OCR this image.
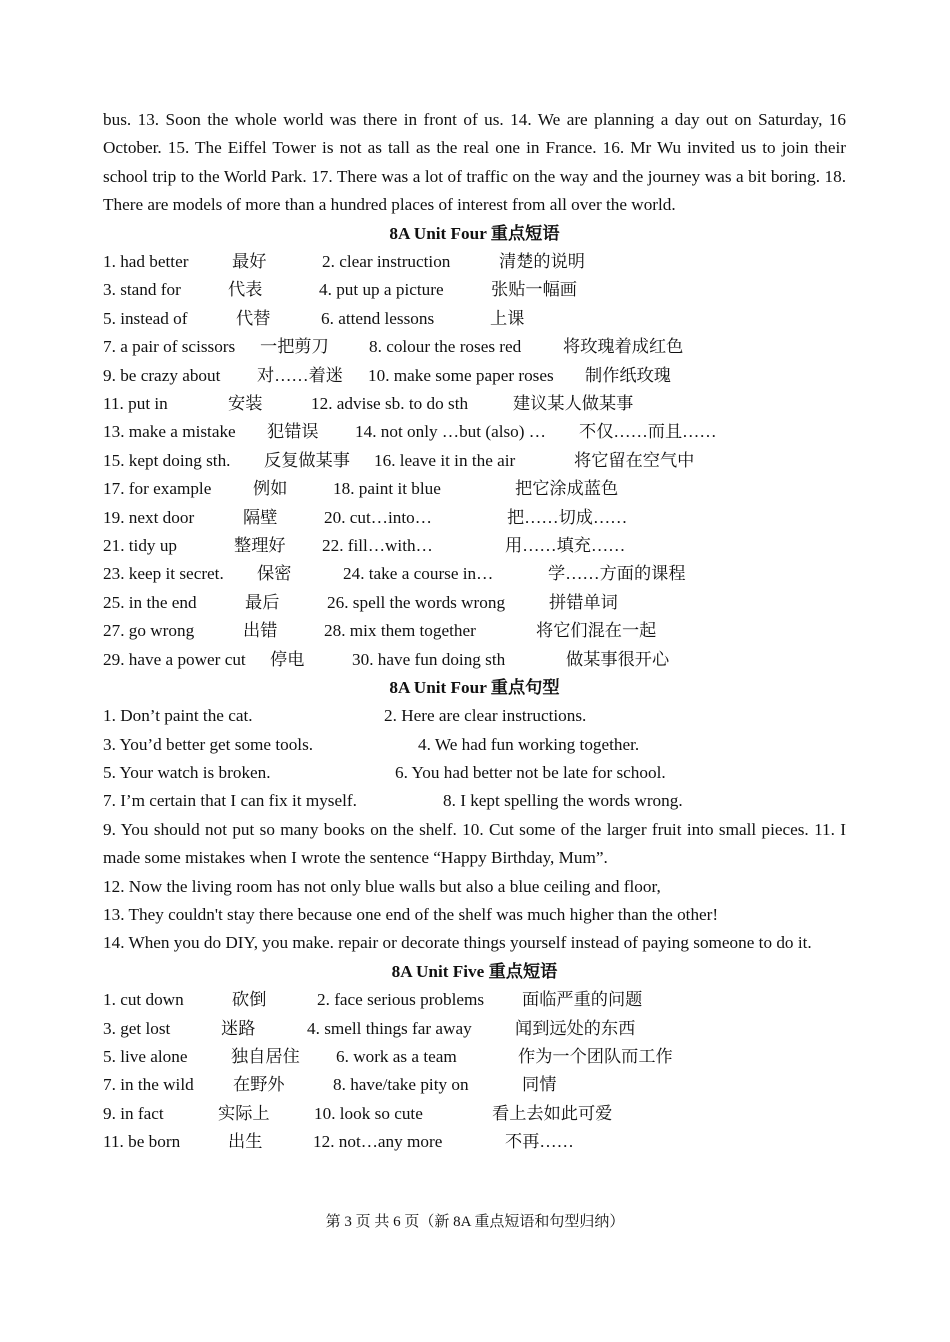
bus. 13. Soon the whole world was there in front of us. 14. We are planning a day out on Saturday, 16 October. 15. The Eiffel Tower is not as tall as the real one in France. 16. Mr Wu invited us to join their school trip to the World Park. 17. There was a lot of traffic on the way and the journey was a bit boring. 18. There are models of more than a hundred places of interest from all over the world.

8A Unit Four 重点短语

1. had better	最好	2. clear instruction	清楚的说明
3. stand for	代表	4. put up a picture	张贴一幅画
5. instead of	代替	6. attend lessons	上课
7. a pair of scissors 一把剪刀 8. colour the roses red 将玫瑰着成红色
9. be crazy about 对……着迷 10. make some paper roses 制作纸玫瑰
11. put in	安装	12. advise sb. to do sth	建议某人做某事
13. make a mistake 犯错误 14. not only …but (also) … 不仅……而且……
15. kept doing sth. 反复做某事 16. leave it in the air	将它留在空气中
17. for example 例如	18. paint it blue	把它涂成蓝色
19. next door	隔壁	20. cut…into…	把……切成……
21. tidy up	整理好 22. fill…with…	用……填充……
23. keep it secret. 保密	24. take a course in…	学……方面的课程
25. in the end	最后	26. spell the words wrong	拼错单词
27. go wrong	出错	28. mix them together	将它们混在一起
29. have a power cut 停电	30. have fun doing sth	做某事很开心

8A Unit Four 重点句型

1. Don’t paint the cat.	2. Here are clear instructions.
3. You’d better get some tools.	4. We had fun working together.
5. Your watch is broken.	6. You had better not be late for school.
7. I’m certain that I can fix it myself.	8. I kept spelling the words wrong.

9. You should not put so many books on the shelf. 10. Cut some of the larger fruit into small pieces. 11. I made some mistakes when I wrote the sentence “Happy Birthday, Mum”.

12. Now the living room has not only blue walls but also a blue ceiling and floor,

13. They couldn't stay there because one end of the shelf was much higher than the other!

14. When you do DIY, you make. repair or decorate things yourself instead of paying someone to do it.

8A Unit Five 重点短语

1. cut down	砍倒	2. face serious problems 面临严重的问题
3. get lost	迷路	4. smell things far away	闻到远处的东西
5. live alone	独自居住 6. work as a team	作为一个团队而工作
7. in the wild 在野外	8. have/take pity on	同情
9. in fact	实际上	10. look so cute	看上去如此可爱
11. be born	出生	12. not…any more	不再……
第 3 页 共 6 页（新 8A 重点短语和句型归纳）
